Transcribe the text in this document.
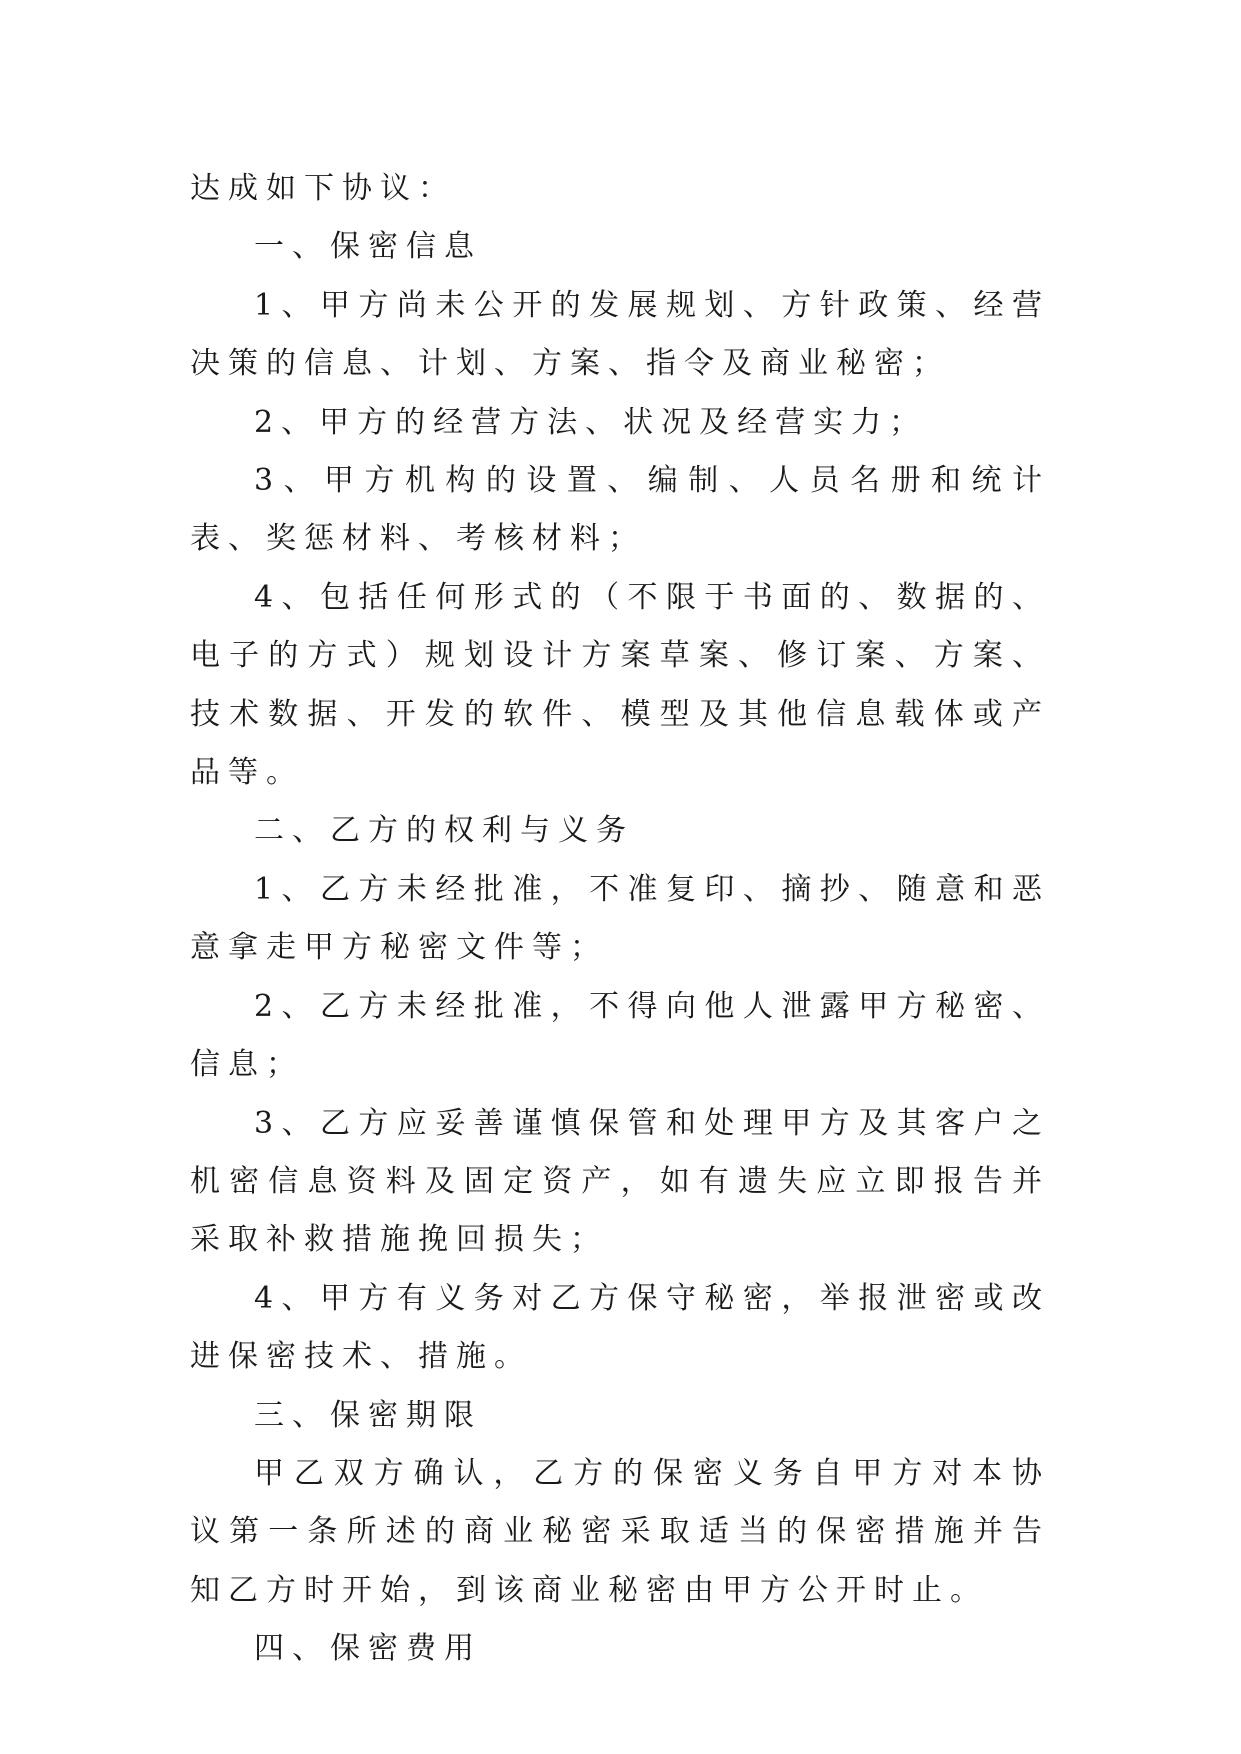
达成如下协议：

一、保密信息

1、甲方尚未公开的发展规划、方针政策、经营决策的信息、计划、方案、指令及商业秘密；

2、甲方的经营方法、状况及经营实力；

3、甲方机构的设置、编制、人员名册和统计表、奖惩材料、考核材料；

4、包括任何形式的（不限于书面的、数据的、电子的方式）规划设计方案草案、修订案、方案、技术数据、开发的软件、模型及其他信息载体或产品等。

二、乙方的权利与义务

1、乙方未经批准，不准复印、摘抄、随意和恶意拿走甲方秘密文件等；

2、乙方未经批准，不得向他人泄露甲方秘密、信息；

3、乙方应妥善谨慎保管和处理甲方及其客户之机密信息资料及固定资产，如有遗失应立即报告并采取补救措施挽回损失；

4、甲方有义务对乙方保守秘密，举报泄密或改进保密技术、措施。

三、保密期限

甲乙双方确认，乙方的保密义务自甲方对本协议第一条所述的商业秘密采取适当的保密措施并告知乙方时开始，到该商业秘密由甲方公开时止。

四、保密费用
